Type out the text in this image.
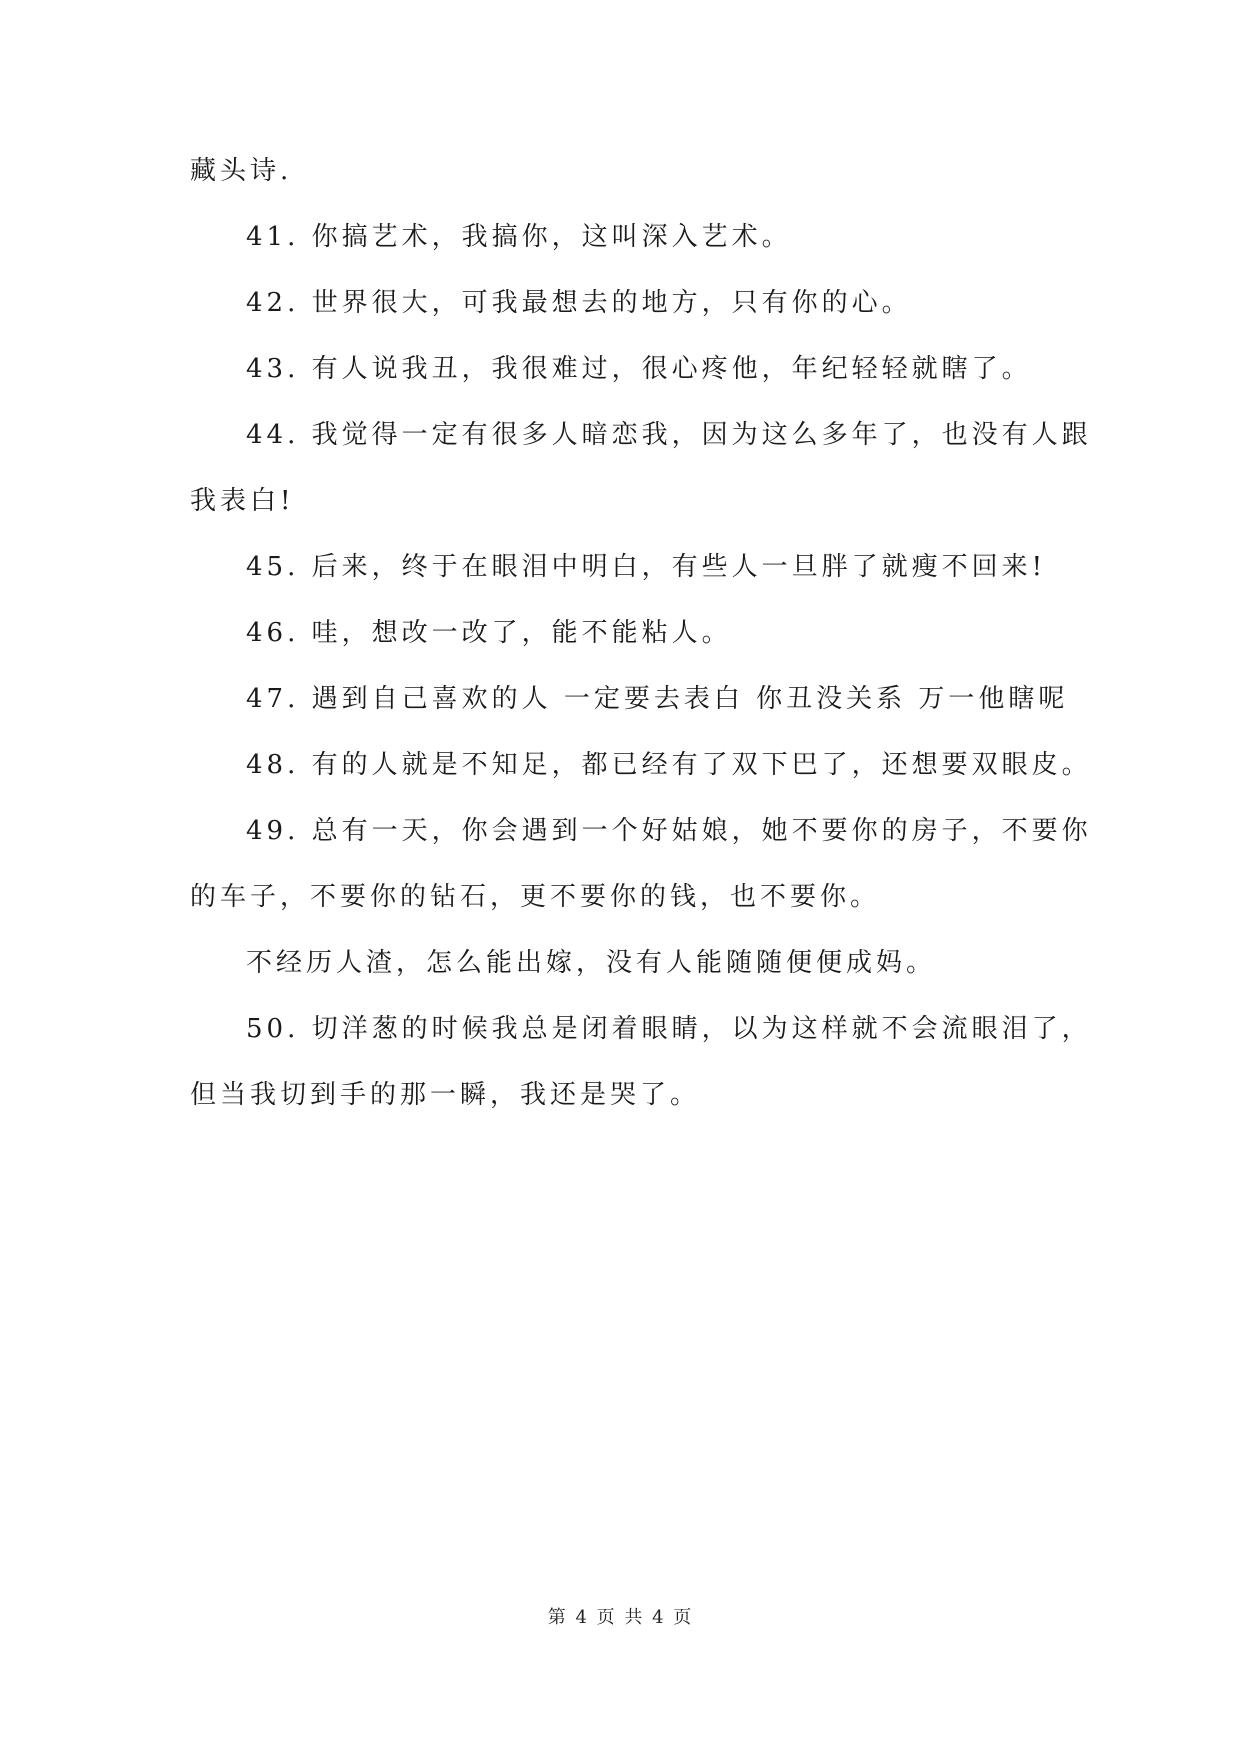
藏头诗.
41. 你搞艺术，我搞你，这叫深入艺术。
42. 世界很大，可我最想去的地方，只有你的心。
43. 有人说我丑，我很难过，很心疼他，年纪轻轻就瞎了。
44. 我觉得一定有很多人暗恋我，因为这么多年了，也没有人跟
我表白!
45. 后来，终于在眼泪中明白，有些人一旦胖了就瘦不回来!
46. 哇，想改一改了，能不能粘人。
47. 遇到自己喜欢的人 一定要去表白 你丑没关系 万一他瞎呢
48. 有的人就是不知足，都已经有了双下巴了，还想要双眼皮。
49. 总有一天，你会遇到一个好姑娘，她不要你的房子，不要你
的车子，不要你的钻石，更不要你的钱，也不要你。
不经历人渣，怎么能出嫁，没有人能随随便便成妈。
50. 切洋葱的时候我总是闭着眼睛，以为这样就不会流眼泪了，
但当我切到手的那一瞬，我还是哭了。
第 4 页 共 4 页
